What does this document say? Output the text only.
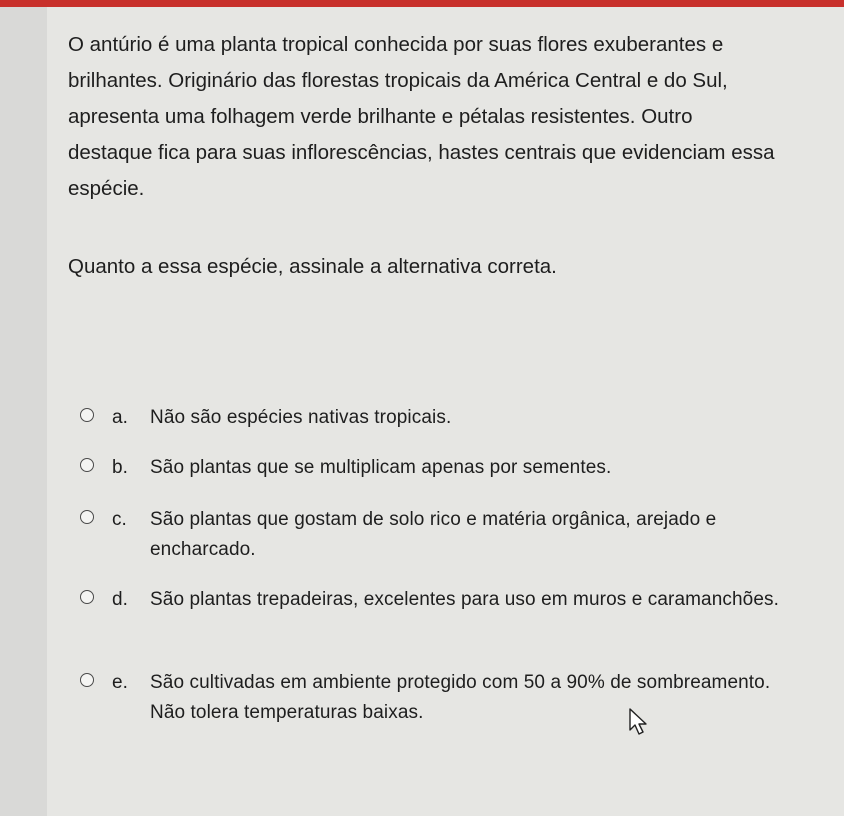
O antúrio é uma planta tropical conhecida por suas flores exuberantes e brilhantes. Originário das florestas tropicais da América Central e do Sul, apresenta uma folhagem verde brilhante e pétalas resistentes. Outro destaque fica para suas inflorescências, hastes centrais que evidenciam essa espécie.

Quanto a essa espécie, assinale a alternativa correta.

a. Não são espécies nativas tropicais.
b. São plantas que se multiplicam apenas por sementes.
c. São plantas que gostam de solo rico e matéria orgânica, arejado e encharcado.
d. São plantas trepadeiras, excelentes para uso em muros e caramanchões.
e. São cultivadas em ambiente protegido com 50 a 90% de sombreamento. Não tolera temperaturas baixas.
